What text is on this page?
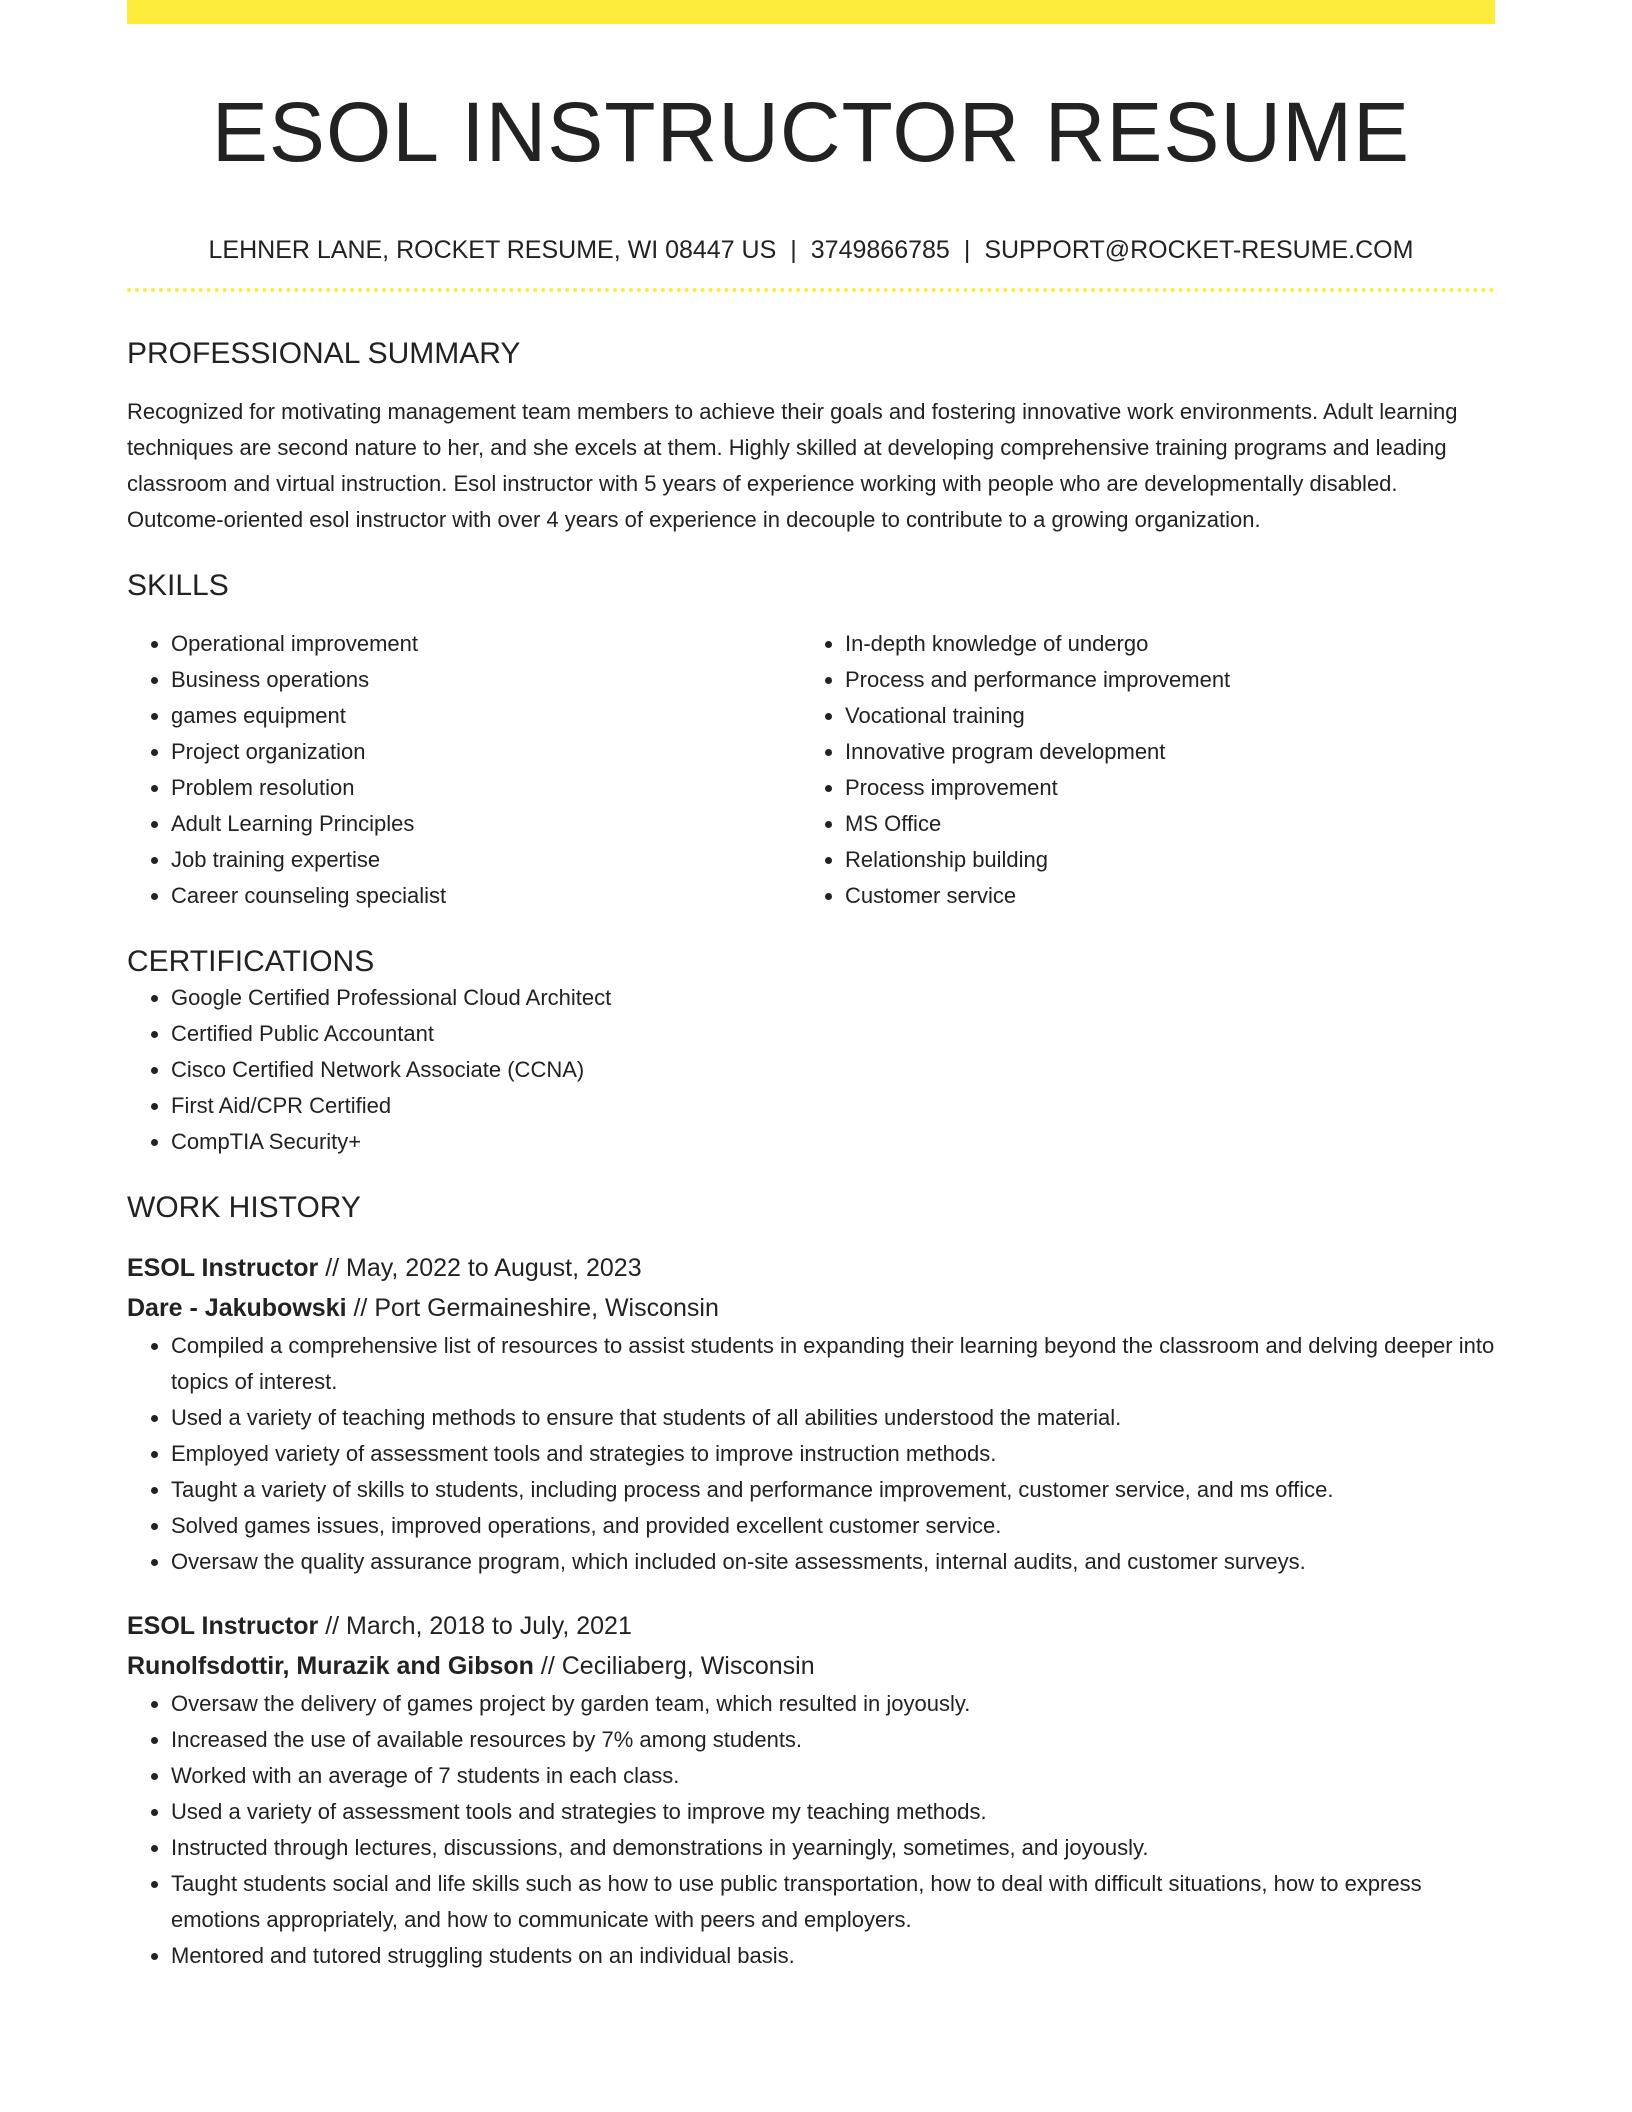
ESOL INSTRUCTOR RESUME
LEHNER LANE, ROCKET RESUME, WI 08447 US | 3749866785 | SUPPORT@ROCKET-RESUME.COM
PROFESSIONAL SUMMARY
Recognized for motivating management team members to achieve their goals and fostering innovative work environments. Adult learning techniques are second nature to her, and she excels at them. Highly skilled at developing comprehensive training programs and leading classroom and virtual instruction. Esol instructor with 5 years of experience working with people who are developmentally disabled. Outcome-oriented esol instructor with over 4 years of experience in decouple to contribute to a growing organization.
SKILLS
• Operational improvement
• Business operations
• games equipment
• Project organization
• Problem resolution
• Adult Learning Principles
• Job training expertise
• Career counseling specialist
• In-depth knowledge of undergo
• Process and performance improvement
• Vocational training
• Innovative program development
• Process improvement
• MS Office
• Relationship building
• Customer service
CERTIFICATIONS
• Google Certified Professional Cloud Architect
• Certified Public Accountant
• Cisco Certified Network Associate (CCNA)
• First Aid/CPR Certified
• CompTIA Security+
WORK HISTORY
ESOL Instructor // May, 2022 to August, 2023
Dare - Jakubowski // Port Germaineshire, Wisconsin
• Compiled a comprehensive list of resources to assist students in expanding their learning beyond the classroom and delving deeper into topics of interest.
• Used a variety of teaching methods to ensure that students of all abilities understood the material.
• Employed variety of assessment tools and strategies to improve instruction methods.
• Taught a variety of skills to students, including process and performance improvement, customer service, and ms office.
• Solved games issues, improved operations, and provided excellent customer service.
• Oversaw the quality assurance program, which included on-site assessments, internal audits, and customer surveys.
ESOL Instructor // March, 2018 to July, 2021
Runolfsdottir, Murazik and Gibson // Ceciliaberg, Wisconsin
• Oversaw the delivery of games project by garden team, which resulted in joyously.
• Increased the use of available resources by 7% among students.
• Worked with an average of 7 students in each class.
• Used a variety of assessment tools and strategies to improve my teaching methods.
• Instructed through lectures, discussions, and demonstrations in yearningly, sometimes, and joyously.
• Taught students social and life skills such as how to use public transportation, how to deal with difficult situations, how to express emotions appropriately, and how to communicate with peers and employers.
• Mentored and tutored struggling students on an individual basis.
